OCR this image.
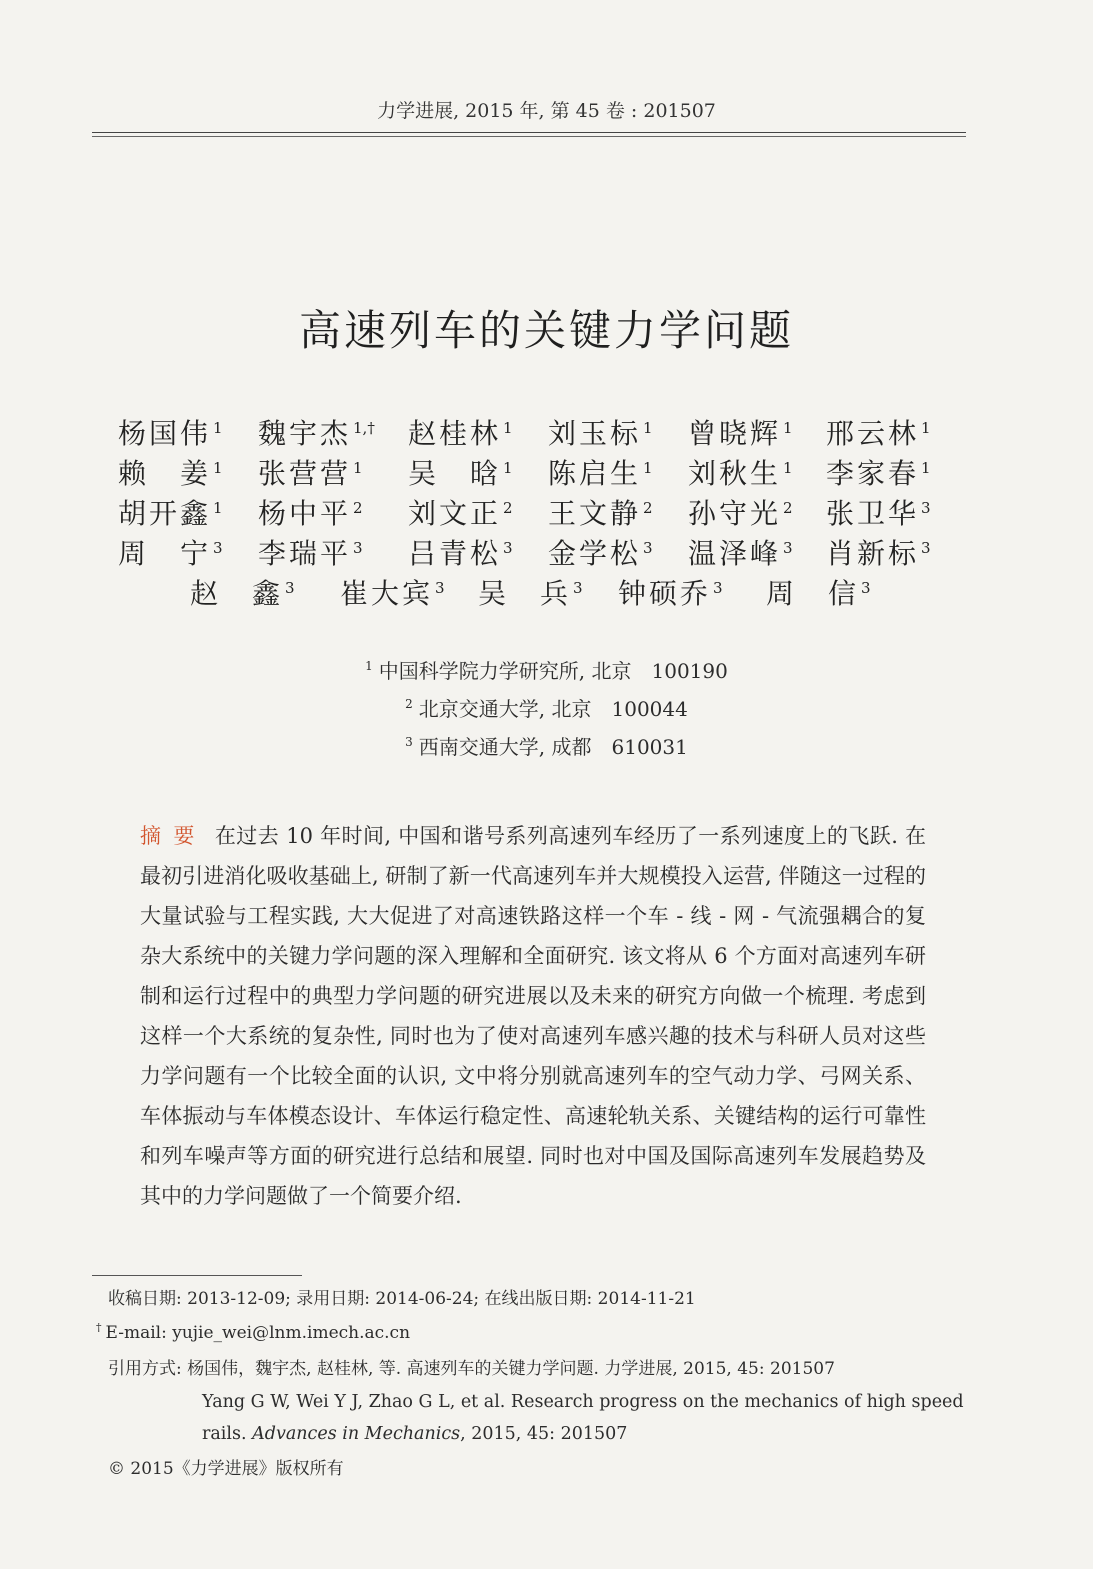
力学进展, 2015 年, 第 45 卷 : 201507
高速列车的关键力学问题
杨国伟 $^1$ 魏宇杰 $^{1,\dagger}$ 赵桂林 $^1$ 刘玉标 $^1$ 曾晓辉 $^1$ 邢云林 $^1$
赖　姜 $^1$ 张营营 $^1$ 吴　晗 $^1$ 陈启生 $^1$ 刘秋生 $^1$ 李家春 $^1$
胡开鑫 $^1$ 杨中平 $^2$ 刘文正 $^2$ 王文静 $^2$ 孙守光 $^2$ 张卫华 $^3$
周　宁 $^3$ 李瑞平 $^3$ 吕青松 $^3$ 金学松 $^3$ 温泽峰 $^3$ 肖新标 $^3$
赵　鑫 $^3$ 崔大宾 $^3$ 吴　兵 $^3$ 钟硕乔 $^3$ 周　信 $^3$
$^1$ 中国科学院力学研究所, 北京　100190
$^2$ 北京交通大学, 北京　100044
$^3$ 西南交通大学, 成都　610031
摘要 在过去 10 年时间, 中国和谐号系列高速列车经历了一系列速度上的飞跃. 在最初引进消化吸收基础上, 研制了新一代高速列车并大规模投入运营, 伴随这一过程的大量试验与工程实践, 大大促进了对高速铁路这样一个车 - 线 - 网 - 气流强耦合的复杂大系统中的关键力学问题的深入理解和全面研究. 该文将从 6 个方面对高速列车研制和运行过程中的典型力学问题的研究进展以及未来的研究方向做一个梳理. 考虑到这样一个大系统的复杂性, 同时也为了使对高速列车感兴趣的技术与科研人员对这些力学问题有一个比较全面的认识, 文中将分别就高速列车的空气动力学、弓网关系、车体振动与车体模态设计、车体运行稳定性、高速轮轨关系、关键结构的运行可靠性和列车噪声等方面的研究进行总结和展望. 同时也对中国及国际高速列车发展趋势及其中的力学问题做了一个简要介绍.
收稿日期: 2013-12-09; 录用日期: 2014-06-24; 在线出版日期: 2014-11-21
† E-mail: yujie_wei@lnm.imech.ac.cn
引用方式: 杨国伟，魏宇杰, 赵桂林, 等. 高速列车的关键力学问题. 力学进展, 2015, 45: 201507
Yang G W, Wei Y J, Zhao G L, et al. Research progress on the mechanics of high speed rails. Advances in Mechanics, 2015, 45: 201507
© 2015《力学进展》版权所有
